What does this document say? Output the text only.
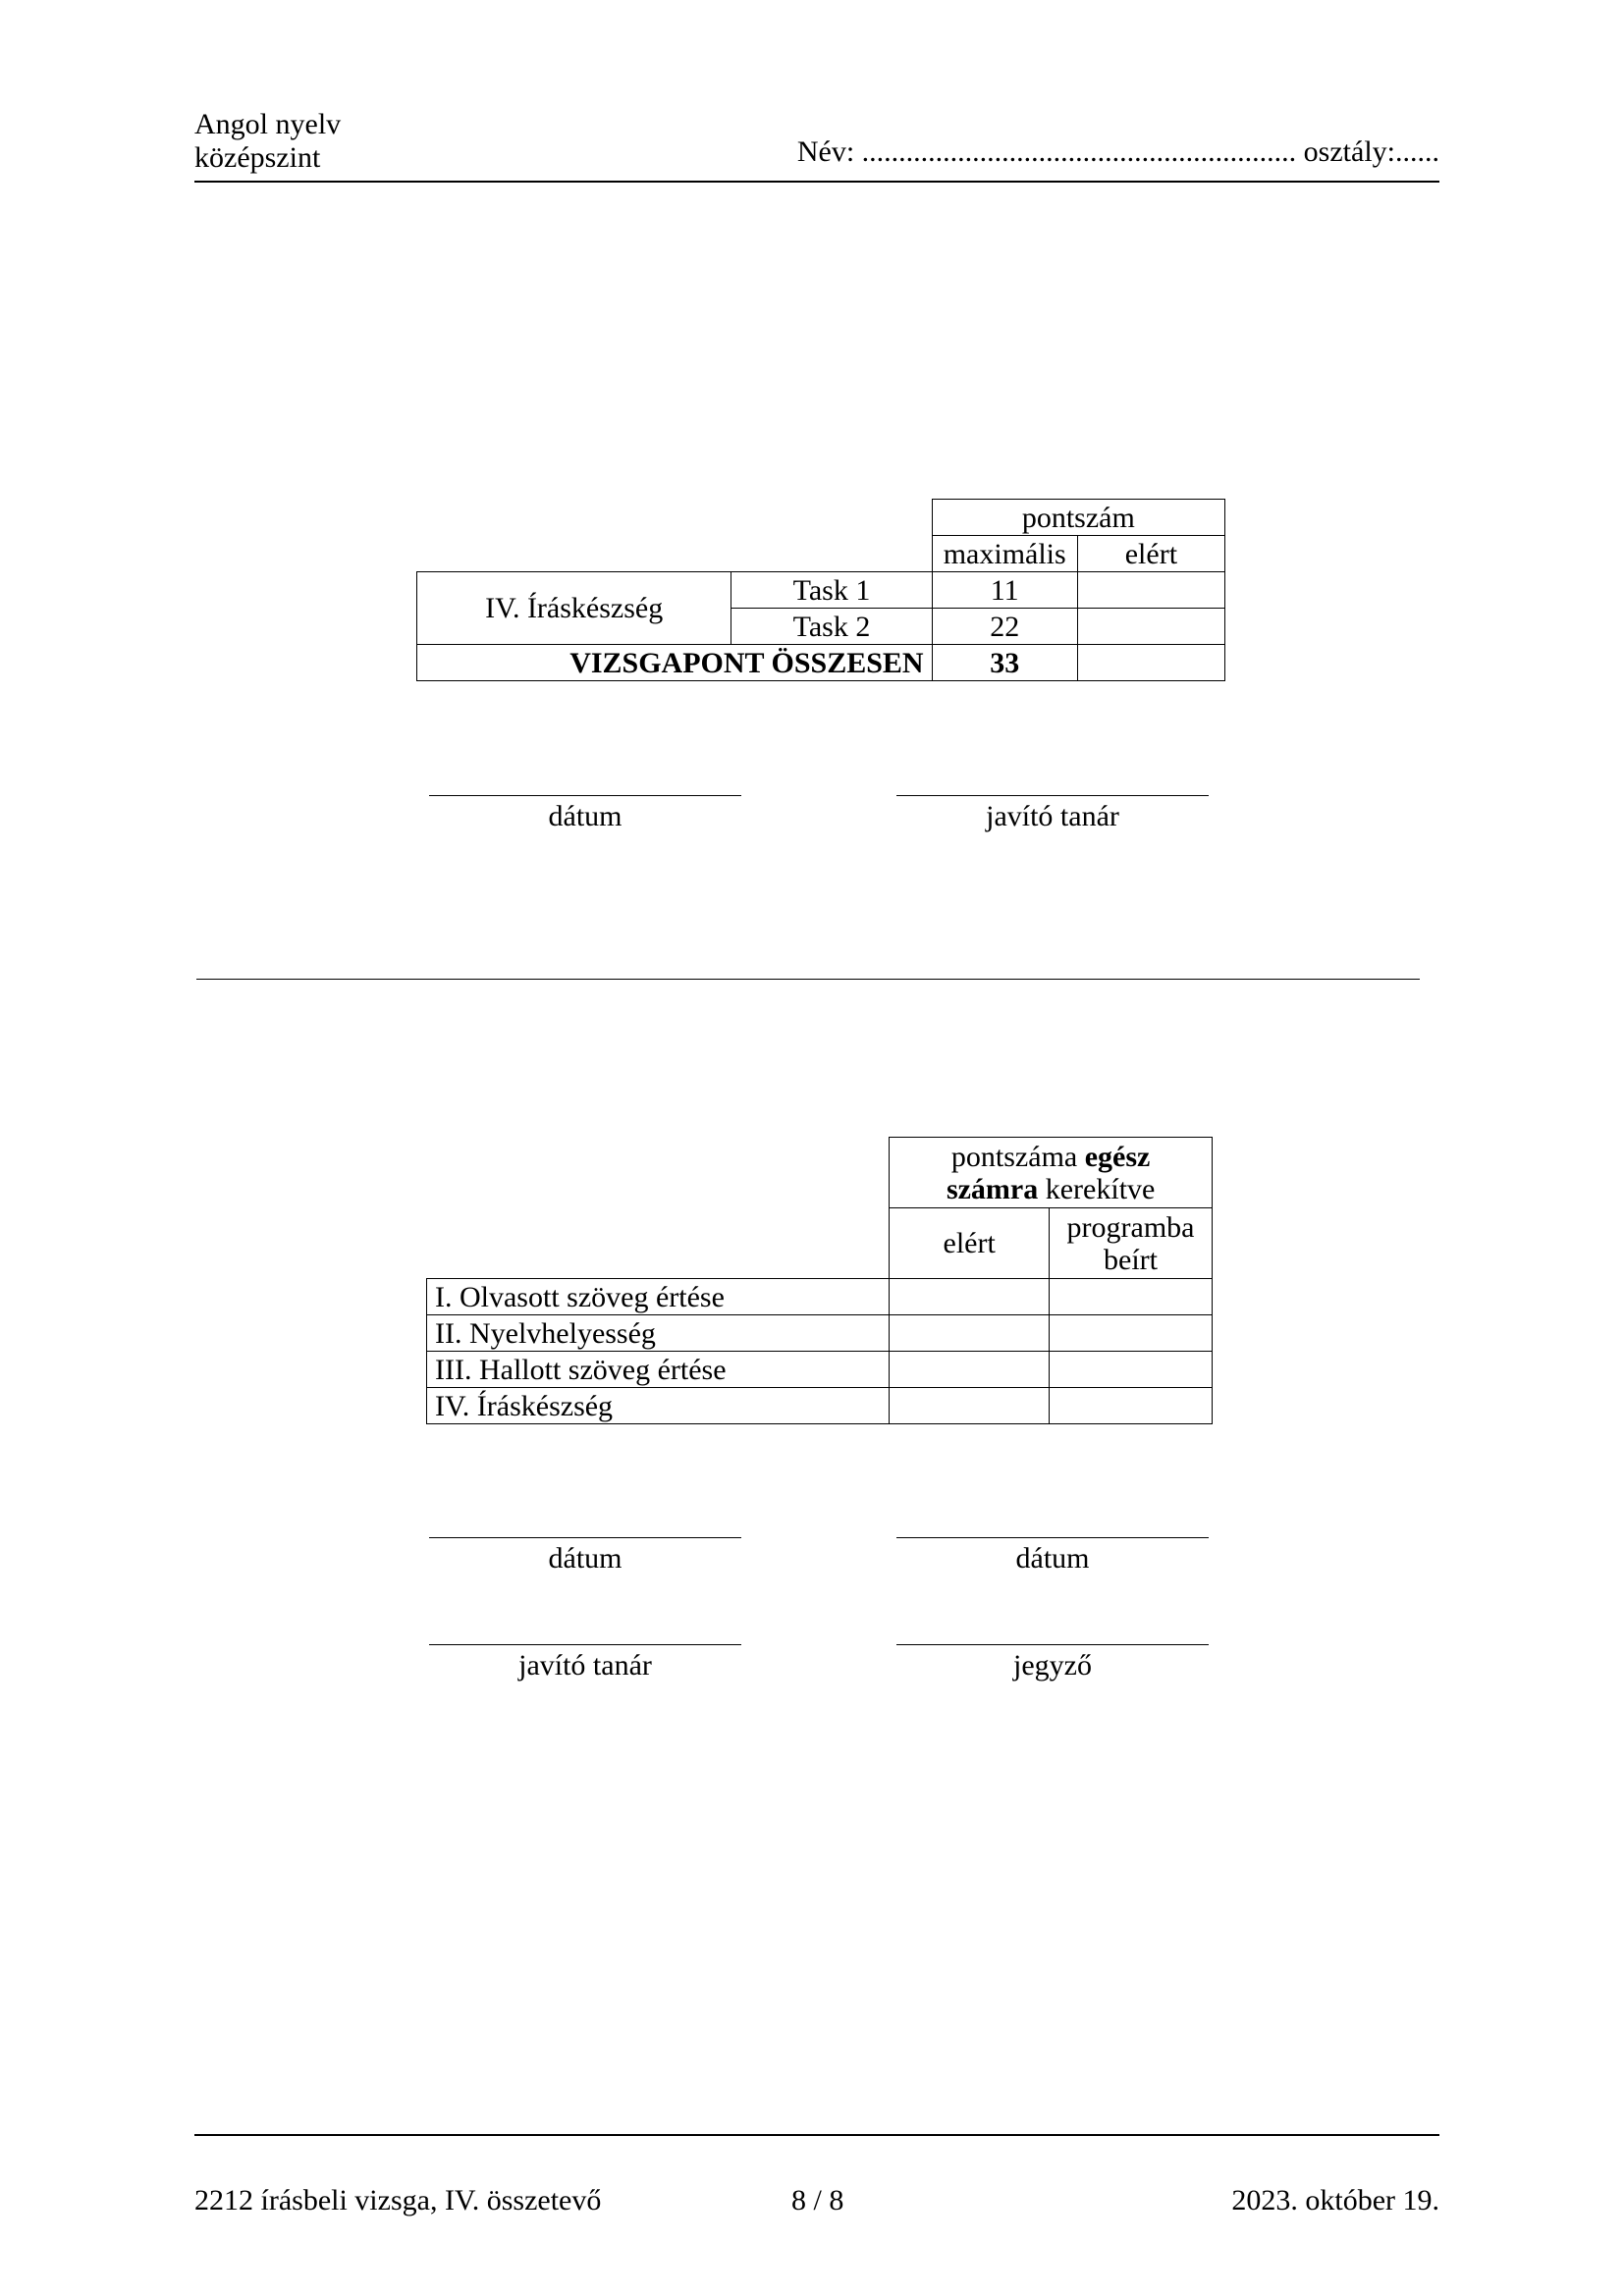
Angol nyelv
középszint	Név: ........................................................... osztály:......
		pontszám	
		maximális	elért
IV. Íráskészség	Task 1	11	
	Task 2	22	
VIZSGAPONT ÖSSZESEN		33	
dátum	javító tanár
	pontszáma egész
számra kerekítve	
	elért	programba beírt
I. Olvasott szöveg értése		
II. Nyelvhelyesség		
III. Hallott szöveg értése		
IV. Íráskészség		
dátum	dátum
javító tanár	jegyző
2212 írásbeli vizsga, IV. összetevő	8 / 8	2023. október 19.
